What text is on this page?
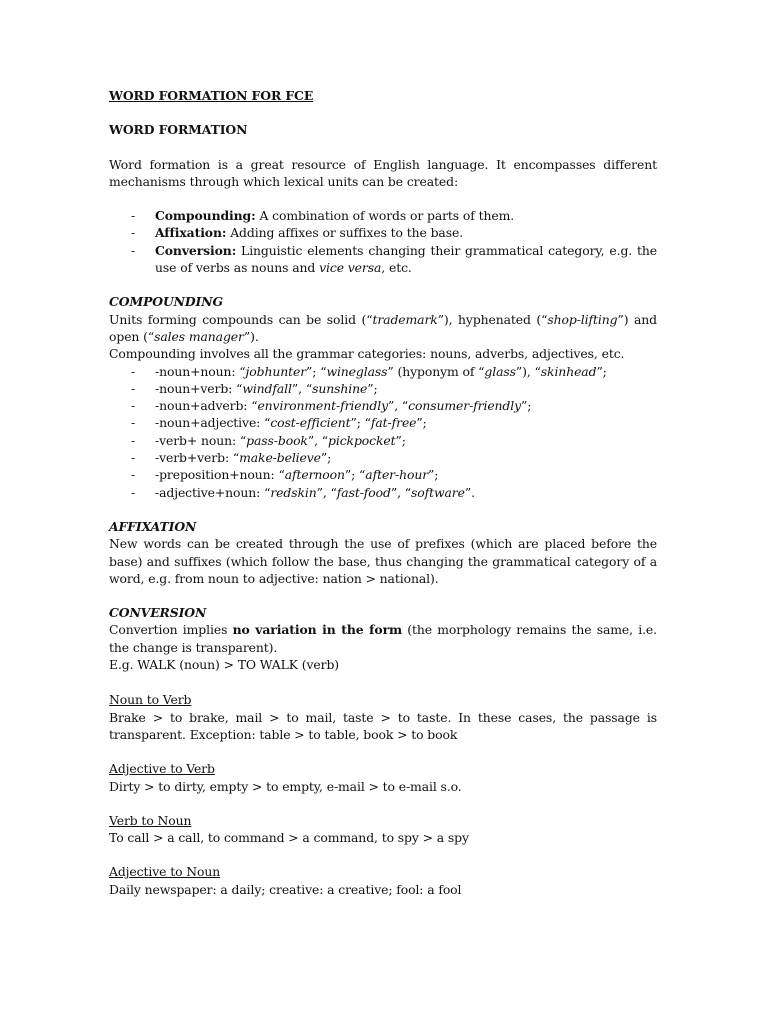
WORD FORMATION FOR FCE

WORD FORMATION

Word formation is a great resource of English language. It encompasses different mechanisms through which lexical units can be created:

- Compounding: A combination of words or parts of them.
- Affixation: Adding affixes or suffixes to the base.
- Conversion: Linguistic elements changing their grammatical category, e.g. the use of verbs as nouns and vice versa, etc.

COMPOUNDING

Units forming compounds can be solid (“trademark”), hyphenated (“shop-lifting”) and open (“sales manager”).

Compounding involves all the grammar categories: nouns, adverbs, adjectives, etc.

- -noun+noun: “jobhunter”; “wineglass” (hyponym of “glass”), “skinhead”;
- -noun+verb: “windfall”, “sunshine”;
- -noun+adverb: “environment-friendly”, “consumer-friendly”;
- -noun+adjective: “cost-efficient”; “fat-free”;
- -verb+ noun: “pass-book”, “pickpocket”;
- -verb+verb: “make-believe”;
- -preposition+noun: “afternoon”; “after-hour”;
- -adjective+noun: “redskin”, “fast-food”, “software”.

AFFIXATION

New words can be created through the use of prefixes (which are placed before the base) and suffixes (which follow the base, thus changing the grammatical category of a word, e.g. from noun to adjective: nation > national).

CONVERSION

Convertion implies no variation in the form (the morphology remains the same, i.e. the change is transparent).

E.g. WALK (noun) > TO WALK (verb)

Noun to Verb

Brake > to brake, mail > to mail, taste > to taste. In these cases, the passage is transparent. Exception: table > to table, book > to book

Adjective to Verb

Dirty > to dirty, empty > to empty, e-mail > to e-mail s.o.

Verb to Noun

To call > a call, to command > a command, to spy > a spy

Adjective to Noun

Daily newspaper: a daily; creative: a creative; fool: a fool
